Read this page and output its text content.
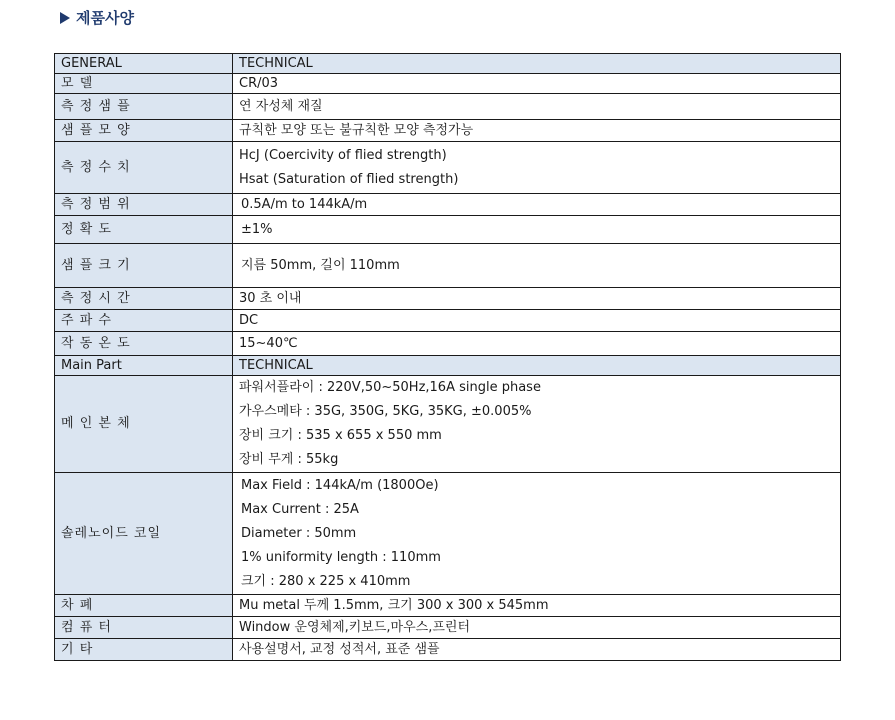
제품사양
GENERAL	TECHNICAL
모 델	CR/03
측 정 샘 플	연 자성체 재질
샘 플 모 양	규칙한 모양 또는 불규칙한 모양 측정가능
측 정 수 치	HcJ (Coercivity of flied strength)
Hsat (Saturation of flied strength)

측 정 범 위	0.5A/m to 144kA/m
정 확 도	±1%
샘 플 크 기	지름 50mm, 길이 110mm
측 정 시 간	30 초 이내
주 파 수	DC
작 동 온 도	15~40℃
Main Part	TECHNICAL
메 인 본 체	파워서플라이 : 220V,50~50Hz,16A single phase
가우스메타 : 35G, 350G, 5KG, 35KG, ±0.005%
장비 크기 : 535 x 655 x 550 mm
장비 무게 : 55kg

솔레노이드 코일	Max Field : 144kA/m (1800Oe)
Max Current : 25A
Diameter : 50mm
1% uniformity length : 110mm
크기 : 280 x 225 x 410mm

차 폐	Mu metal 두께 1.5mm, 크기 300 x 300 x 545mm
컴 퓨 터	Window 운영체제,키보드,마우스,프린터
기 타	사용설명서, 교정 성적서, 표준 샘플
